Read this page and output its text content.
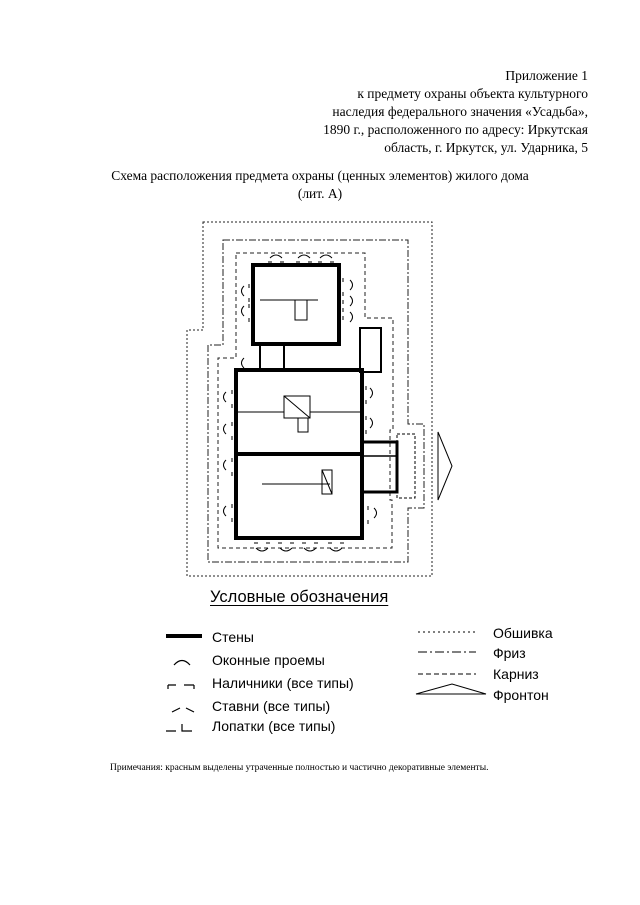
Приложение 1
к предмету охраны объекта культурного
наследия федерального значения «Усадьба»,
1890 г., расположенного по адресу: Иркутская
область, г. Иркутск, ул. Ударника, 5
Схема расположения предмета охраны (ценных элементов) жилого дома
(лит. А)
Условные обозначения
Стены
Оконные проемы
Наличники (все типы)
Ставни (все типы)
Лопатки (все типы)
Обшивка
Фриз
Карниз
Фронтон
Примечания: красным выделены утраченные полностью и частично декоративные элементы.
